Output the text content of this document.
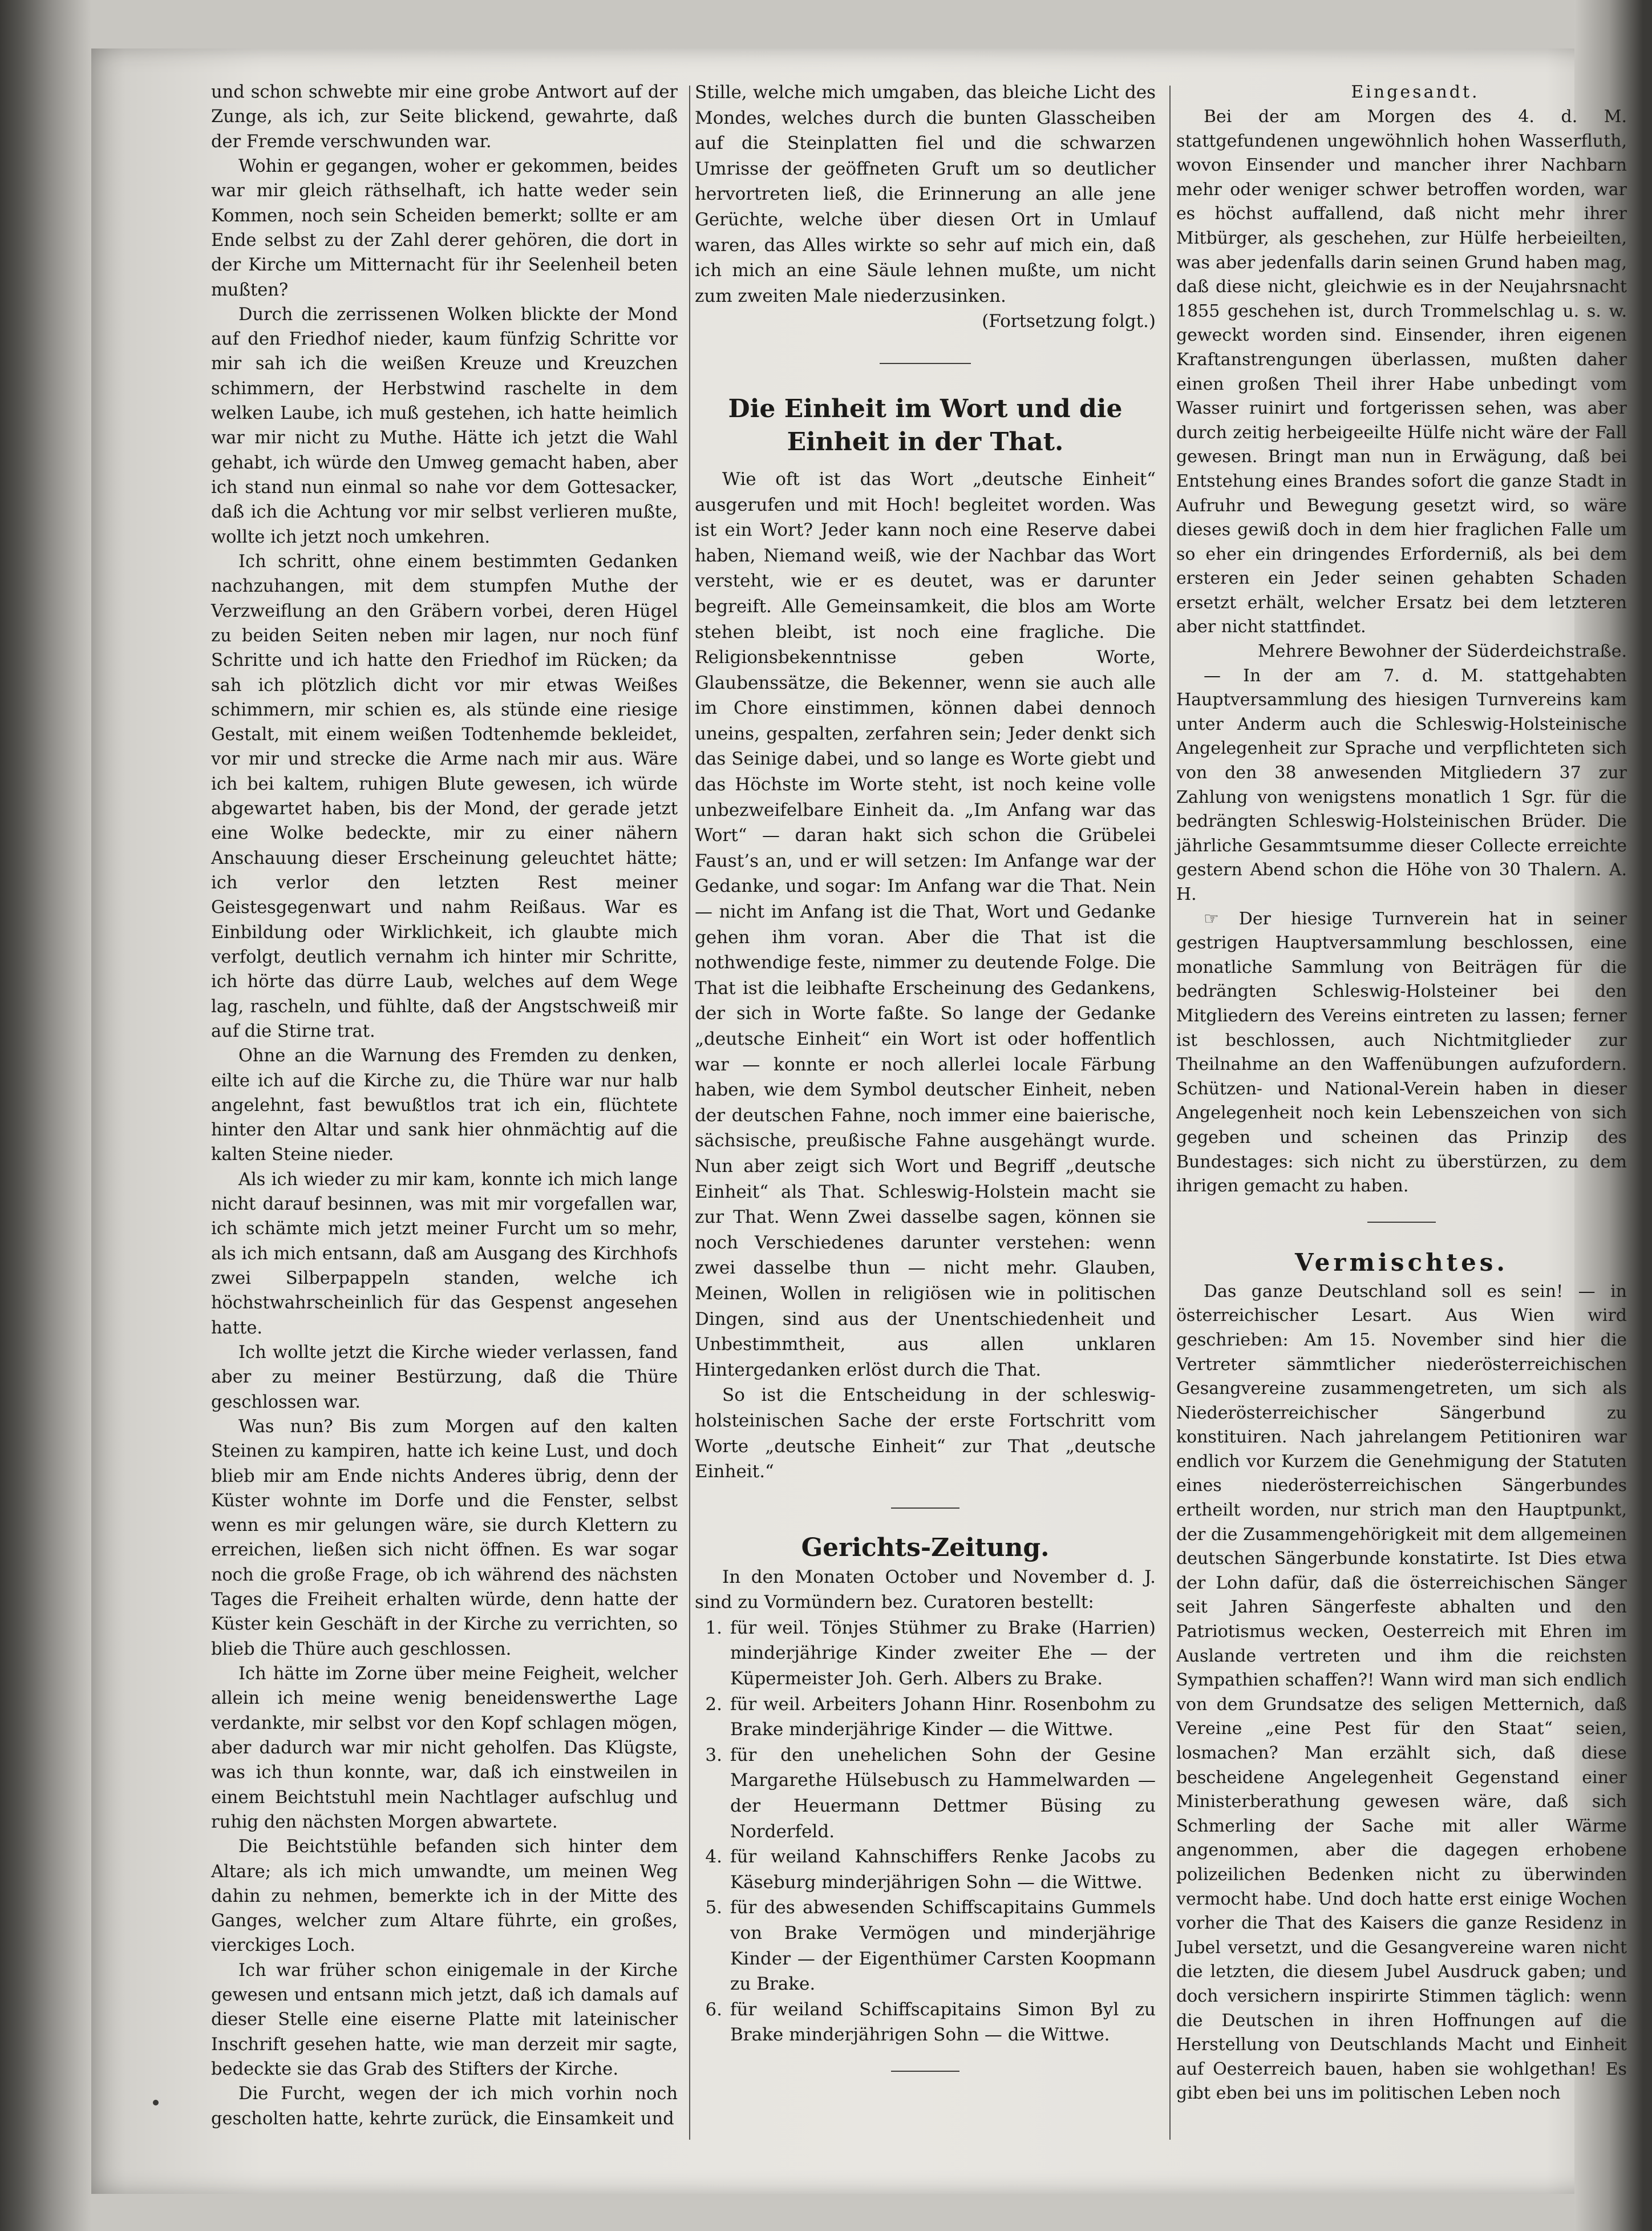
und schon schwebte mir eine grobe Antwort auf der Zunge, als ich, zur Seite blickend, gewahrte, daß der Fremde verschwunden war.

Wohin er gegangen, woher er gekommen, beides war mir gleich räthselhaft, ich hatte weder sein Kommen, noch sein Scheiden bemerkt; sollte er am Ende selbst zu der Zahl derer gehören, die dort in der Kirche um Mitternacht für ihr Seelenheil beten mußten?

Durch die zerrissenen Wolken blickte der Mond auf den Friedhof nieder, kaum fünfzig Schritte vor mir sah ich die weißen Kreuze und Kreuzchen schimmern, der Herbstwind raschelte in dem welken Laube, ich muß gestehen, ich hatte heimlich war mir nicht zu Muthe. Hätte ich jetzt die Wahl gehabt, ich würde den Umweg gemacht haben, aber ich stand nun einmal so nahe vor dem Gottesacker, daß ich die Achtung vor mir selbst verlieren mußte, wollte ich jetzt noch umkehren.

Ich schritt, ohne einem bestimmten Gedanken nachzuhangen, mit dem stumpfen Muthe der Verzweiflung an den Gräbern vorbei, deren Hügel zu beiden Seiten neben mir lagen, nur noch fünf Schritte und ich hatte den Friedhof im Rücken; da sah ich plötzlich dicht vor mir etwas Weißes schimmern, mir schien es, als stünde eine riesige Gestalt, mit einem weißen Todtenhemde bekleidet, vor mir und strecke die Arme nach mir aus. Wäre ich bei kaltem, ruhigen Blute gewesen, ich würde abgewartet haben, bis der Mond, der gerade jetzt eine Wolke bedeckte, mir zu einer nähern Anschauung dieser Erscheinung geleuchtet hätte; ich verlor den letzten Rest meiner Geistesgegenwart und nahm Reißaus. War es Einbildung oder Wirklichkeit, ich glaubte mich verfolgt, deutlich vernahm ich hinter mir Schritte, ich hörte das dürre Laub, welches auf dem Wege lag, rascheln, und fühlte, daß der Angstschweiß mir auf die Stirne trat.

Ohne an die Warnung des Fremden zu denken, eilte ich auf die Kirche zu, die Thüre war nur halb angelehnt, fast bewußtlos trat ich ein, flüchtete hinter den Altar und sank hier ohnmächtig auf die kalten Steine nieder.

Als ich wieder zu mir kam, konnte ich mich lange nicht darauf besinnen, was mit mir vorgefallen war, ich schämte mich jetzt meiner Furcht um so mehr, als ich mich entsann, daß am Ausgang des Kirchhofs zwei Silberpappeln standen, welche ich höchstwahrscheinlich für das Gespenst angesehen hatte.

Ich wollte jetzt die Kirche wieder verlassen, fand aber zu meiner Bestürzung, daß die Thüre geschlossen war.

Was nun? Bis zum Morgen auf den kalten Steinen zu kampiren, hatte ich keine Lust, und doch blieb mir am Ende nichts Anderes übrig, denn der Küster wohnte im Dorfe und die Fenster, selbst wenn es mir gelungen wäre, sie durch Klettern zu erreichen, ließen sich nicht öffnen. Es war sogar noch die große Frage, ob ich während des nächsten Tages die Freiheit erhalten würde, denn hatte der Küster kein Geschäft in der Kirche zu verrichten, so blieb die Thüre auch geschlossen.

Ich hätte im Zorne über meine Feigheit, welcher allein ich meine wenig beneidenswerthe Lage verdankte, mir selbst vor den Kopf schlagen mögen, aber dadurch war mir nicht geholfen. Das Klügste, was ich thun konnte, war, daß ich einstweilen in einem Beichtstuhl mein Nachtlager aufschlug und ruhig den nächsten Morgen abwartete.

Die Beichtstühle befanden sich hinter dem Altare; als ich mich umwandte, um meinen Weg dahin zu nehmen, bemerkte ich in der Mitte des Ganges, welcher zum Altare führte, ein großes, vierckiges Loch.

Ich war früher schon einigemale in der Kirche gewesen und entsann mich jetzt, daß ich damals auf dieser Stelle eine eiserne Platte mit lateinischer Inschrift gesehen hatte, wie man derzeit mir sagte, bedeckte sie das Grab des Stifters der Kirche.

Die Furcht, wegen der ich mich vorhin noch gescholten hatte, kehrte zurück, die Einsamkeit und

Stille, welche mich umgaben, das bleiche Licht des Mondes, welches durch die bunten Glasscheiben auf die Steinplatten fiel und die schwarzen Umrisse der geöffneten Gruft um so deutlicher hervortreten ließ, die Erinnerung an alle jene Gerüchte, welche über diesen Ort in Umlauf waren, das Alles wirkte so sehr auf mich ein, daß ich mich an eine Säule lehnen mußte, um nicht zum zweiten Male niederzusinken.

(Fortsetzung folgt.)

Die Einheit im Wort und die Einheit in der That.

Wie oft ist das Wort „deutsche Einheit“ ausgerufen und mit Hoch! begleitet worden. Was ist ein Wort? Jeder kann noch eine Reserve dabei haben, Niemand weiß, wie der Nachbar das Wort versteht, wie er es deutet, was er darunter begreift. Alle Gemeinsamkeit, die blos am Worte stehen bleibt, ist noch eine fragliche. Die Religionsbekenntnisse geben Worte, Glaubenssätze, die Bekenner, wenn sie auch alle im Chore einstimmen, können dabei dennoch uneins, gespalten, zerfahren sein; Jeder denkt sich das Seinige dabei, und so lange es Worte giebt und das Höchste im Worte steht, ist noch keine volle unbezweifelbare Einheit da. „Im Anfang war das Wort“ — daran hakt sich schon die Grübelei Faust’s an, und er will setzen: Im Anfange war der Gedanke, und sogar: Im Anfang war die That. Nein — nicht im Anfang ist die That, Wort und Gedanke gehen ihm voran. Aber die That ist die nothwendige feste, nimmer zu deutende Folge. Die That ist die leibhafte Erscheinung des Gedankens, der sich in Worte faßte. So lange der Gedanke „deutsche Einheit“ ein Wort ist oder hoffentlich war — konnte er noch allerlei locale Färbung haben, wie dem Symbol deutscher Einheit, neben der deutschen Fahne, noch immer eine baierische, sächsische, preußische Fahne ausgehängt wurde. Nun aber zeigt sich Wort und Begriff „deutsche Einheit“ als That. Schleswig-Holstein macht sie zur That. Wenn Zwei dasselbe sagen, können sie noch Verschiedenes darunter verstehen: wenn zwei dasselbe thun — nicht mehr. Glauben, Meinen, Wollen in religiösen wie in politischen Dingen, sind aus der Unentschiedenheit und Unbestimmtheit, aus allen unklaren Hintergedanken erlöst durch die That.

So ist die Entscheidung in der schleswig-holsteinischen Sache der erste Fortschritt vom Worte „deutsche Einheit“ zur That „deutsche Einheit.“

Gerichts-Zeitung.

In den Monaten October und November d. J. sind zu Vormündern bez. Curatoren bestellt:

1. für weil. Tönjes Stühmer zu Brake (Harrien) minderjährige Kinder zweiter Ehe — der Küpermeister Joh. Gerh. Albers zu Brake.
2. für weil. Arbeiters Johann Hinr. Rosenbohm zu Brake minderjährige Kinder — die Wittwe.
3. für den unehelichen Sohn der Gesine Margarethe Hülsebusch zu Hammelwarden — der Heuermann Dettmer Büsing zu Norderfeld.
4. für weiland Kahnschiffers Renke Jacobs zu Käseburg minderjährigen Sohn — die Wittwe.
5. für des abwesenden Schiffscapitains Gummels von Brake Vermögen und minderjährige Kinder — der Eigenthümer Carsten Koopmann zu Brake.
6. für weiland Schiffscapitains Simon Byl zu Brake minderjährigen Sohn — die Wittwe.

Eingesandt.

Bei der am Morgen des 4. d. M. stattgefundenen ungewöhnlich hohen Wasserfluth, wovon Einsender und mancher ihrer Nachbarn mehr oder weniger schwer betroffen worden, war es höchst auffallend, daß nicht mehr ihrer Mitbürger, als geschehen, zur Hülfe herbeieilten, was aber jedenfalls darin seinen Grund haben mag, daß diese nicht, gleichwie es in der Neujahrsnacht 1855 geschehen ist, durch Trommelschlag u. s. w. geweckt worden sind. Einsender, ihren eigenen Kraftanstrengungen überlassen, mußten daher einen großen Theil ihrer Habe unbedingt vom Wasser ruinirt und fortgerissen sehen, was aber durch zeitig herbeigeeilte Hülfe nicht wäre der Fall gewesen. Bringt man nun in Erwägung, daß bei Entstehung eines Brandes sofort die ganze Stadt in Aufruhr und Bewegung gesetzt wird, so wäre dieses gewiß doch in dem hier fraglichen Falle um so eher ein dringendes Erforderniß, als bei dem ersteren ein Jeder seinen gehabten Schaden ersetzt erhält, welcher Ersatz bei dem letzteren aber nicht stattfindet.

Mehrere Bewohner der Süderdeichstraße.

— In der am 7. d. M. stattgehabten Hauptversammlung des hiesigen Turnvereins kam unter Anderm auch die Schleswig-Holsteinische Angelegenheit zur Sprache und verpflichteten sich von den 38 anwesenden Mitgliedern 37 zur Zahlung von wenigstens monatlich 1 Sgr. für die bedrängten Schleswig-Holsteinischen Brüder. Die jährliche Gesammtsumme dieser Collecte erreichte gestern Abend schon die Höhe von 30 Thalern. A. H.

☞ Der hiesige Turnverein hat in seiner gestrigen Hauptversammlung beschlossen, eine monatliche Sammlung von Beiträgen für die bedrängten Schleswig-Holsteiner bei den Mitgliedern des Vereins eintreten zu lassen; ferner ist beschlossen, auch Nichtmitglieder zur Theilnahme an den Waffenübungen aufzufordern. Schützen- und National-Verein haben in dieser Angelegenheit noch kein Lebenszeichen von sich gegeben und scheinen das Prinzip des Bundestages: sich nicht zu überstürzen, zu dem ihrigen gemacht zu haben.

Vermischtes.

Das ganze Deutschland soll es sein! — in österreichischer Lesart. Aus Wien wird geschrieben: Am 15. November sind hier die Vertreter sämmtlicher niederösterreichischen Gesangvereine zusammengetreten, um sich als Niederösterreichischer Sängerbund zu konstituiren. Nach jahrelangem Petitioniren war endlich vor Kurzem die Genehmigung der Statuten eines niederösterreichischen Sängerbundes ertheilt worden, nur strich man den Hauptpunkt, der die Zusammengehörigkeit mit dem allgemeinen deutschen Sängerbunde konstatirte. Ist Dies etwa der Lohn dafür, daß die österreichischen Sänger seit Jahren Sängerfeste abhalten und den Patriotismus wecken, Oesterreich mit Ehren im Auslande vertreten und ihm die reichsten Sympathien schaffen?! Wann wird man sich endlich von dem Grundsatze des seligen Metternich, daß Vereine „eine Pest für den Staat“ seien, losmachen? Man erzählt sich, daß diese bescheidene Angelegenheit Gegenstand einer Ministerberathung gewesen wäre, daß sich Schmerling der Sache mit aller Wärme angenommen, aber die dagegen erhobene polizeilichen Bedenken nicht zu überwinden vermocht habe. Und doch hatte erst einige Wochen vorher die That des Kaisers die ganze Residenz in Jubel versetzt, und die Gesangvereine waren nicht die letzten, die diesem Jubel Ausdruck gaben; und doch versichern inspirirte Stimmen täglich: wenn die Deutschen in ihren Hoffnungen auf die Herstellung von Deutschlands Macht und Einheit auf Oesterreich bauen, haben sie wohlgethan! Es gibt eben bei uns im politischen Leben noch
